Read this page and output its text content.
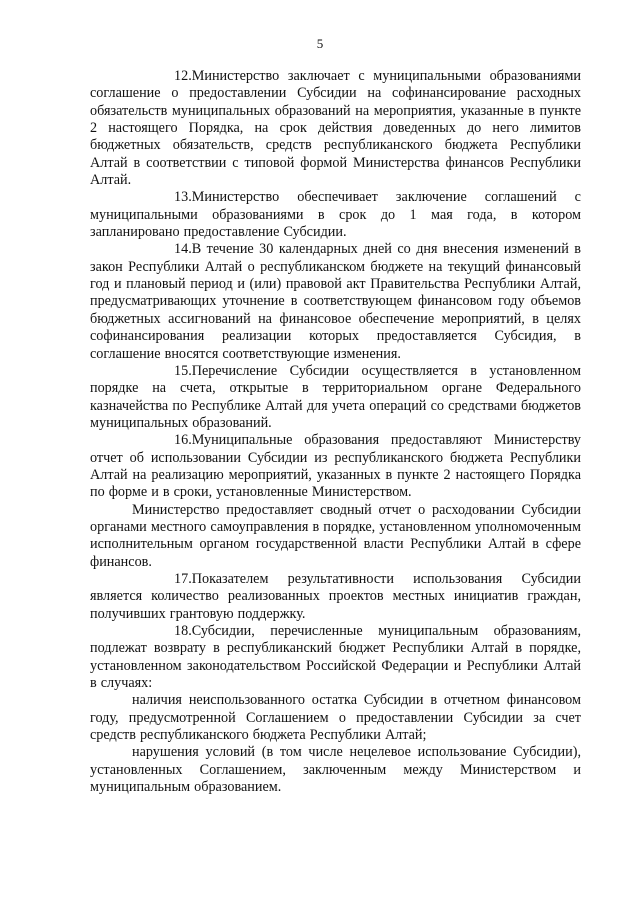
5

12.Министерство заключает с муниципальными образованиями соглашение о предоставлении Субсидии на софинансирование расходных обязательств муниципальных образований на мероприятия, указанные в пункте 2 настоящего Порядка, на срок действия доведенных до него лимитов бюджетных обязательств, средств республиканского бюджета Республики Алтай в соответствии с типовой формой Министерства финансов Республики Алтай.

13.Министерство обеспечивает заключение соглашений с муниципальными образованиями в срок до 1 мая года, в котором запланировано предоставление Субсидии.

14.В течение 30 календарных дней со дня внесения изменений в закон Республики Алтай о республиканском бюджете на текущий финансовый год и плановый период и (или) правовой акт Правительства Республики Алтай, предусматривающих уточнение в соответствующем финансовом году объемов бюджетных ассигнований на финансовое обеспечение мероприятий, в целях софинансирования реализации которых предоставляется Субсидия, в соглашение вносятся соответствующие изменения.

15.Перечисление Субсидии осуществляется в установленном порядке на счета, открытые в территориальном органе Федерального казначейства по Республике Алтай для учета операций со средствами бюджетов муниципальных образований.

16.Муниципальные образования предоставляют Министерству отчет об использовании Субсидии из республиканского бюджета Республики Алтай на реализацию мероприятий, указанных в пункте 2 настоящего Порядка по форме и в сроки, установленные Министерством.

Министерство предоставляет сводный отчет о расходовании Субсидии органами местного самоуправления в порядке, установленном уполномоченным исполнительным органом государственной власти Республики Алтай в сфере финансов.

17.Показателем результативности использования Субсидии является количество реализованных проектов местных инициатив граждан, получивших грантовую поддержку.

18.Субсидии, перечисленные муниципальным образованиям, подлежат возврату в республиканский бюджет Республики Алтай в порядке, установленном законодательством Российской Федерации и Республики Алтай в случаях:

наличия неиспользованного остатка Субсидии в отчетном финансовом году, предусмотренной Соглашением о предоставлении Субсидии за счет средств республиканского бюджета Республики Алтай;

нарушения условий (в том числе нецелевое использование Субсидии), установленных Соглашением, заключенным между Министерством и муниципальным образованием.
